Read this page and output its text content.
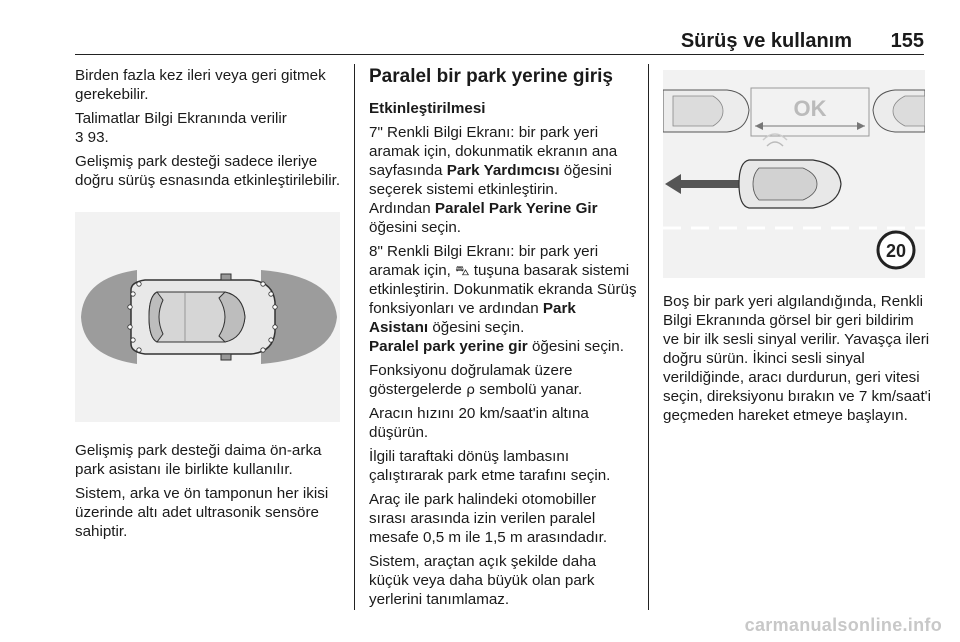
Sürüş ve kullanım 155

Birden fazla kez ileri veya geri gitmek gerekebilir.

Talimatlar Bilgi Ekranında verilir
3 93.

Gelişmiş park desteği sadece ileriye doğru sürüş esnasında etkinleştirilebilir.

Gelişmiş park desteği daima ön-arka park asistanı ile birlikte kullanılır.

Sistem, arka ve ön tamponun her ikisi üzerinde altı adet ultrasonik sensöre sahiptir.

Paralel bir park yerine giriş

Etkinleştirilmesi

7" Renkli Bilgi Ekranı: bir park yeri aramak için, dokunmatik ekranın ana sayfasında Park Yardımcısı öğesini seçerek sistemi etkinleştirin.

Ardından Paralel Park Yerine Gir öğesini seçin.

8" Renkli Bilgi Ekranı: bir park yeri aramak için, ⛍ tuşuna basarak sistemi etkinleştirin. Dokunmatik ekranda Sürüş fonksiyonları ve ardından Park Asistanı öğesini seçin.

Paralel park yerine gir öğesini seçin.

Fonksiyonu doğrulamak üzere göstergelerde ⍴ sembolü yanar.

Aracın hızını 20 km/saat'in altına düşürün.

İlgili taraftaki dönüş lambasını çalıştırarak park etme tarafını seçin.

Araç ile park halindeki otomobiller sırası arasında izin verilen paralel mesafe 0,5 m ile 1,5 m arasındadır.

Sistem, araçtan açık şekilde daha küçük veya daha büyük olan park yerlerini tanımlamaz.

OK
20

Boş bir park yeri algılandığında, Renkli Bilgi Ekranında görsel bir geri bildirim ve bir ilk sesli sinyal verilir. Yavaşça ileri doğru sürün. İkinci sesli sinyal verildiğinde, aracı durdurun, geri vitesi seçin, direksiyonu bırakın ve 7 km/saat'i geçmeden hareket etmeye başlayın.

carmanualsonline.info
